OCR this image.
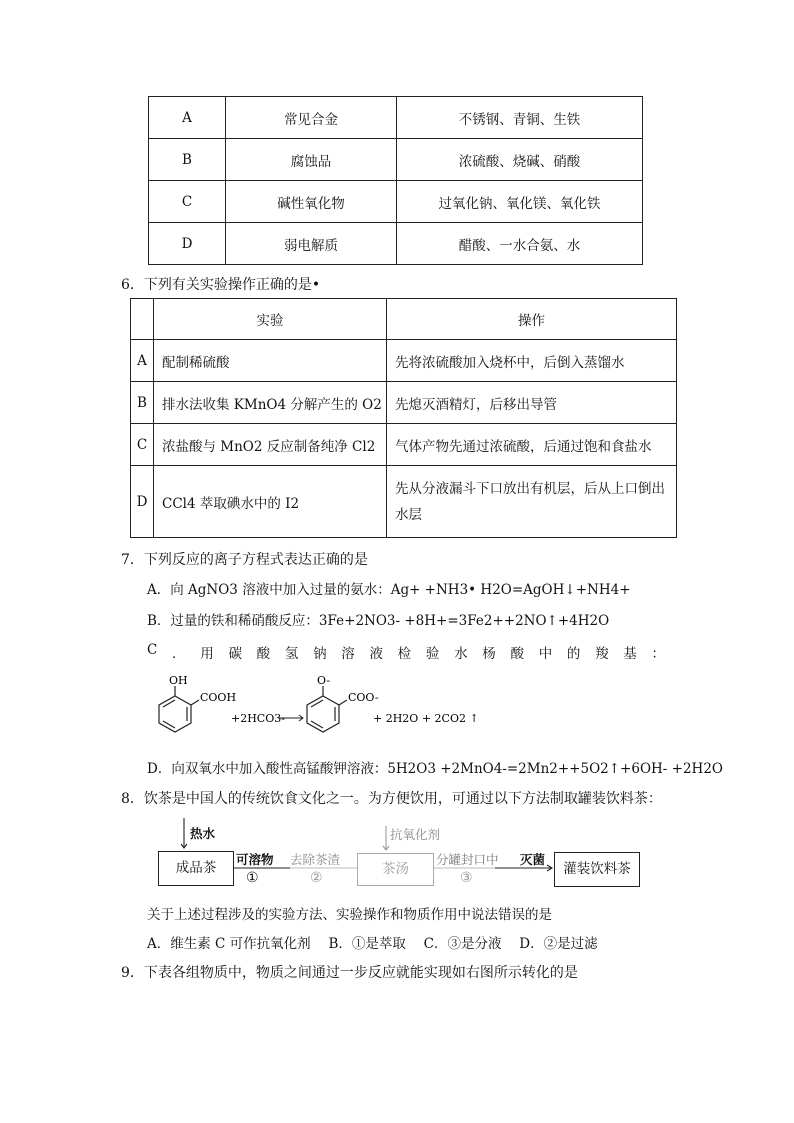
A	常见合金	不锈钢、青铜、生铁
B	腐蚀品	浓硫酸、烧碱、硝酸
C	碱性氧化物	过氧化钠、氧化镁、氧化铁
D	弱电解质	醋酸、一水合氨、水
6．下列有关实验操作正确的是•
	实验	操作
A	配制稀硫酸	先将浓硫酸加入烧杯中，后倒入蒸馏水
B	排水法收集 KMnO4 分解产生的 O2	先熄灭酒精灯，后移出导管
C	浓盐酸与 MnO2 反应制备纯净 Cl2	气体产物先通过浓硫酸，后通过饱和食盐水
D	CCl4 萃取碘水中的 I2	先从分液漏斗下口放出有机层，后从上口倒出水层
7．下列反应的离子方程式表达正确的是
A．向 AgNO3 溶液中加入过量的氨水：Ag+ +NH3• H2O=AgOH↓+NH4+
B．过量的铁和稀硝酸反应：3Fe+2NO3- +8H+=3Fe2++2NO↑+4H2O
C ． 用 碳 酸 氢 钠 溶 液 检 验 水 杨 酸 中 的 羧 基 ：
OH
COOH
+2HCO3-
O-
COO-
+ 2H2O + 2CO2 ↑
D．向双氧水中加入酸性高锰酸钾溶液：5H2O3 +2MnO4-=2Mn2++5O2↑+6OH- +2H2O
8．饮茶是中国人的传统饮食文化之一。为方便饮用，可通过以下方法制取罐装饮料茶：
热水	抗氧化剂
成品茶
可溶物
①
去除茶渣
②
茶汤
分罐封口中
③
灭菌
灌装饮料茶
关于上述过程涉及的实验方法、实验操作和物质作用中说法错误的是
A．维生素 C 可作抗氧化剂　 B．①是萃取　 C．③是分液　 D．②是过滤
9．下表各组物质中，物质之间通过一步反应就能实现如右图所示转化的是
